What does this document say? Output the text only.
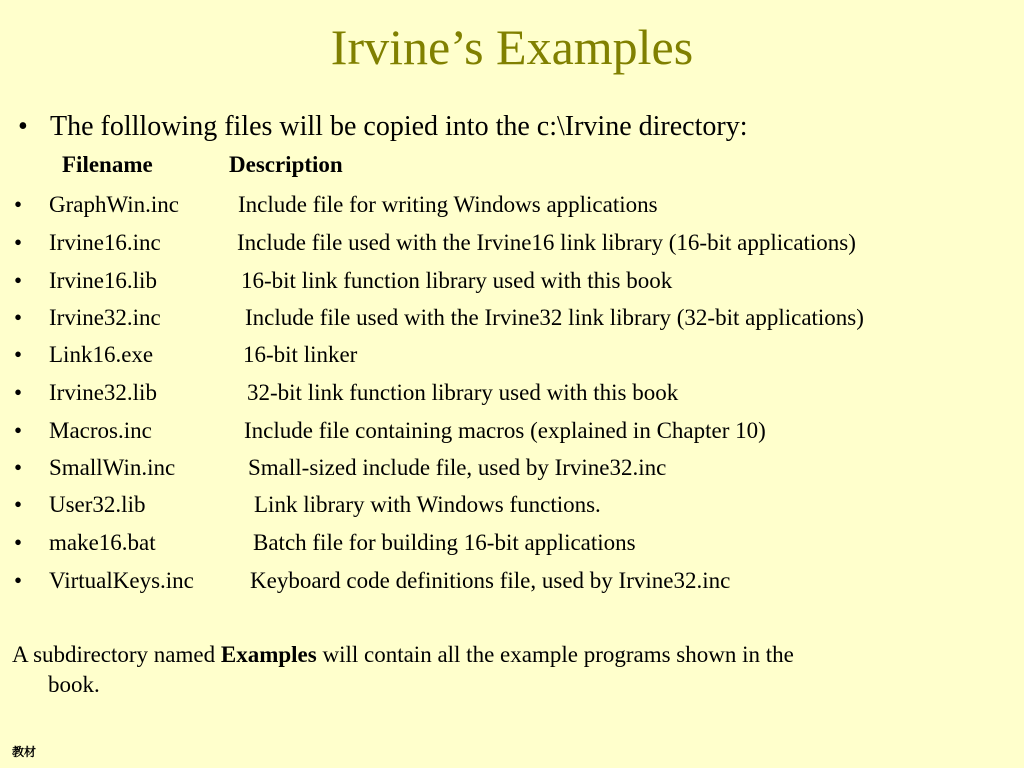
Irvine’s Examples
• The folllowing files will be copied into the c:\Irvine directory:
Filename	Description
• GraphWin.inc	Include file for writing Windows applications
• Irvine16.inc	Include file used with the Irvine16 link library (16-bit applications)
• Irvine16.lib	16-bit link function library used with this book
• Irvine32.inc	Include file used with the Irvine32 link library (32-bit applications)
• Link16.exe	16-bit linker
• Irvine32.lib	32-bit link function library used with this book
• Macros.inc	Include file containing macros (explained in Chapter 10)
• SmallWin.inc	Small-sized include file, used by Irvine32.inc
• User32.lib	Link library with Windows functions.
• make16.bat	Batch file for building 16-bit applications
• VirtualKeys.inc Keyboard code definitions file, used by Irvine32.inc
A subdirectory named Examples will contain all the example programs shown in the
book.
教材
